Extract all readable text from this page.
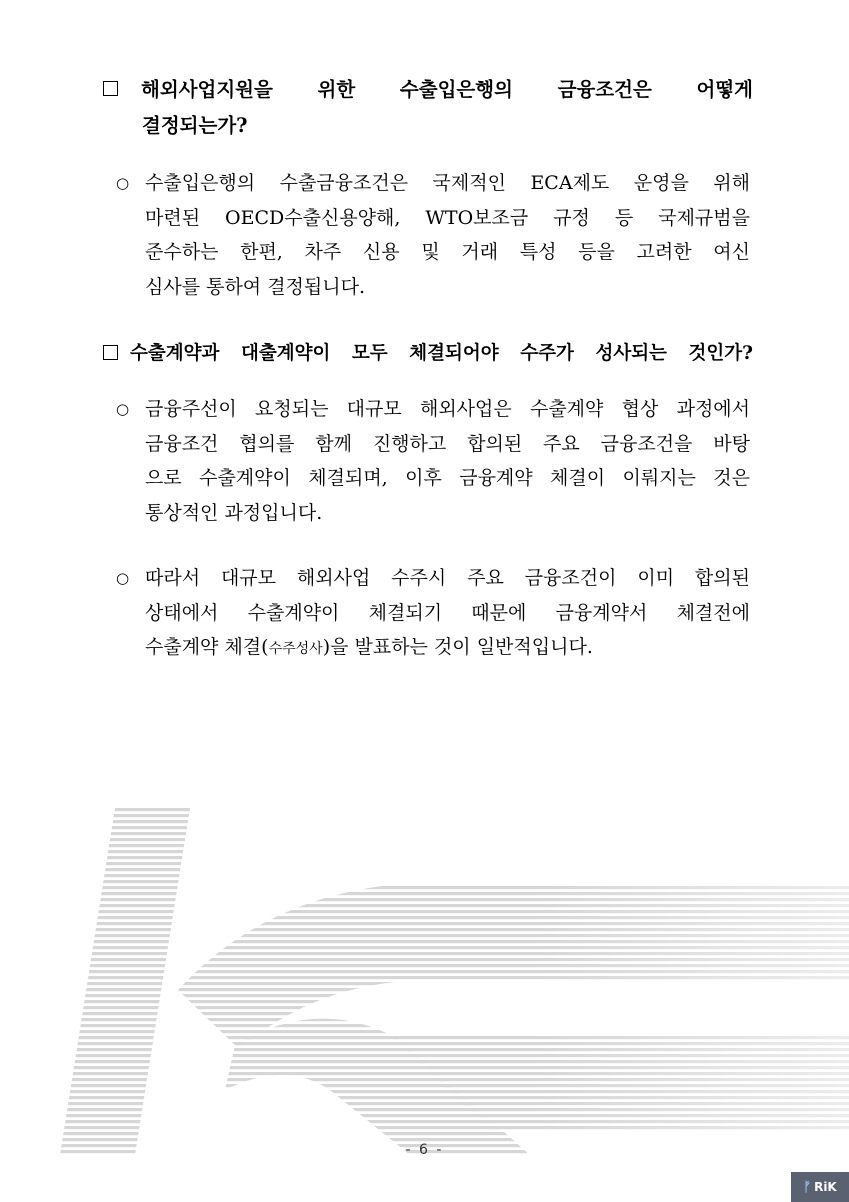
해외사업지원을 위한 수출입은행의 금융조건은 어떻게
결정되는가?
○ 수출입은행의 수출금융조건은 국제적인 ECA제도 운영을 위해
마련된 OECD수출신용양해, WTO보조금 규정 등 국제규범을
준수하는 한편, 차주 신용 및 거래 특성 등을 고려한 여신
심사를 통하여 결정됩니다.
수출계약과 대출계약이 모두 체결되어야 수주가 성사되는 것인가?
○ 금융주선이 요청되는 대규모 해외사업은 수출계약 협상 과정에서
금융조건 협의를 함께 진행하고 합의된 주요 금융조건을 바탕
으로 수출계약이 체결되며, 이후 금융계약 체결이 이뤄지는 것은
통상적인 과정입니다.
○ 따라서 대규모 해외사업 수주시 주요 금융조건이 이미 합의된
상태에서 수출계약이 체결되기 때문에 금융계약서 체결전에
수출계약 체결(수주성사)을 발표하는 것이 일반적입니다.
- 6 -
ᚠ RiK
